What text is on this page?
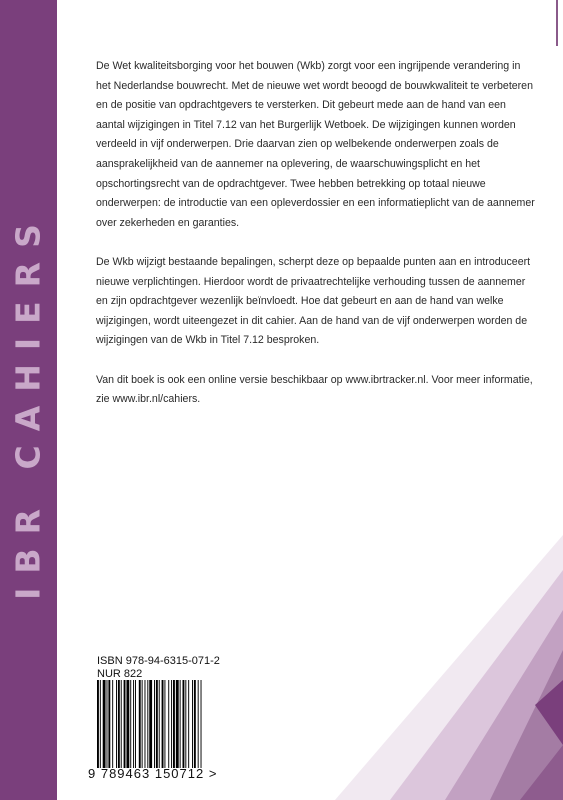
IBR CAHIERS

De Wet kwaliteitsborging voor het bouwen (Wkb) zorgt voor een ingrijpende verandering in het Nederlandse bouwrecht. Met de nieuwe wet wordt beoogd de bouwkwaliteit te verbeteren en de positie van opdrachtgevers te versterken. Dit gebeurt mede aan de hand van een aantal wijzigingen in Titel 7.12 van het Burgerlijk Wetboek. De wijzigingen kunnen worden verdeeld in vijf onderwerpen. Drie daarvan zien op welbekende onderwerpen zoals de aansprakelijkheid van de aannemer na oplevering, de waarschuwingsplicht en het opschortingsrecht van de opdrachtgever. Twee hebben betrekking op totaal nieuwe onderwerpen: de introductie van een opleverdossier en een informatieplicht van de aannemer over zekerheden en garanties.

De Wkb wijzigt bestaande bepalingen, scherpt deze op bepaalde punten aan en introduceert nieuwe verplichtingen. Hierdoor wordt de privaatrechtelijke verhouding tussen de aannemer en zijn opdrachtgever wezenlijk beïnvloedt. Hoe dat gebeurt en aan de hand van welke wijzigingen, wordt uiteengezet in dit cahier. Aan de hand van de vijf onderwerpen worden de wijzigingen van de Wkb in Titel 7.12 besproken.

Van dit boek is ook een online versie beschikbaar op www.ibrtracker.nl. Voor meer informatie, zie www.ibr.nl/cahiers.

ISBN 978-94-6315-071-2
NUR 822
9 789463 150712 >
